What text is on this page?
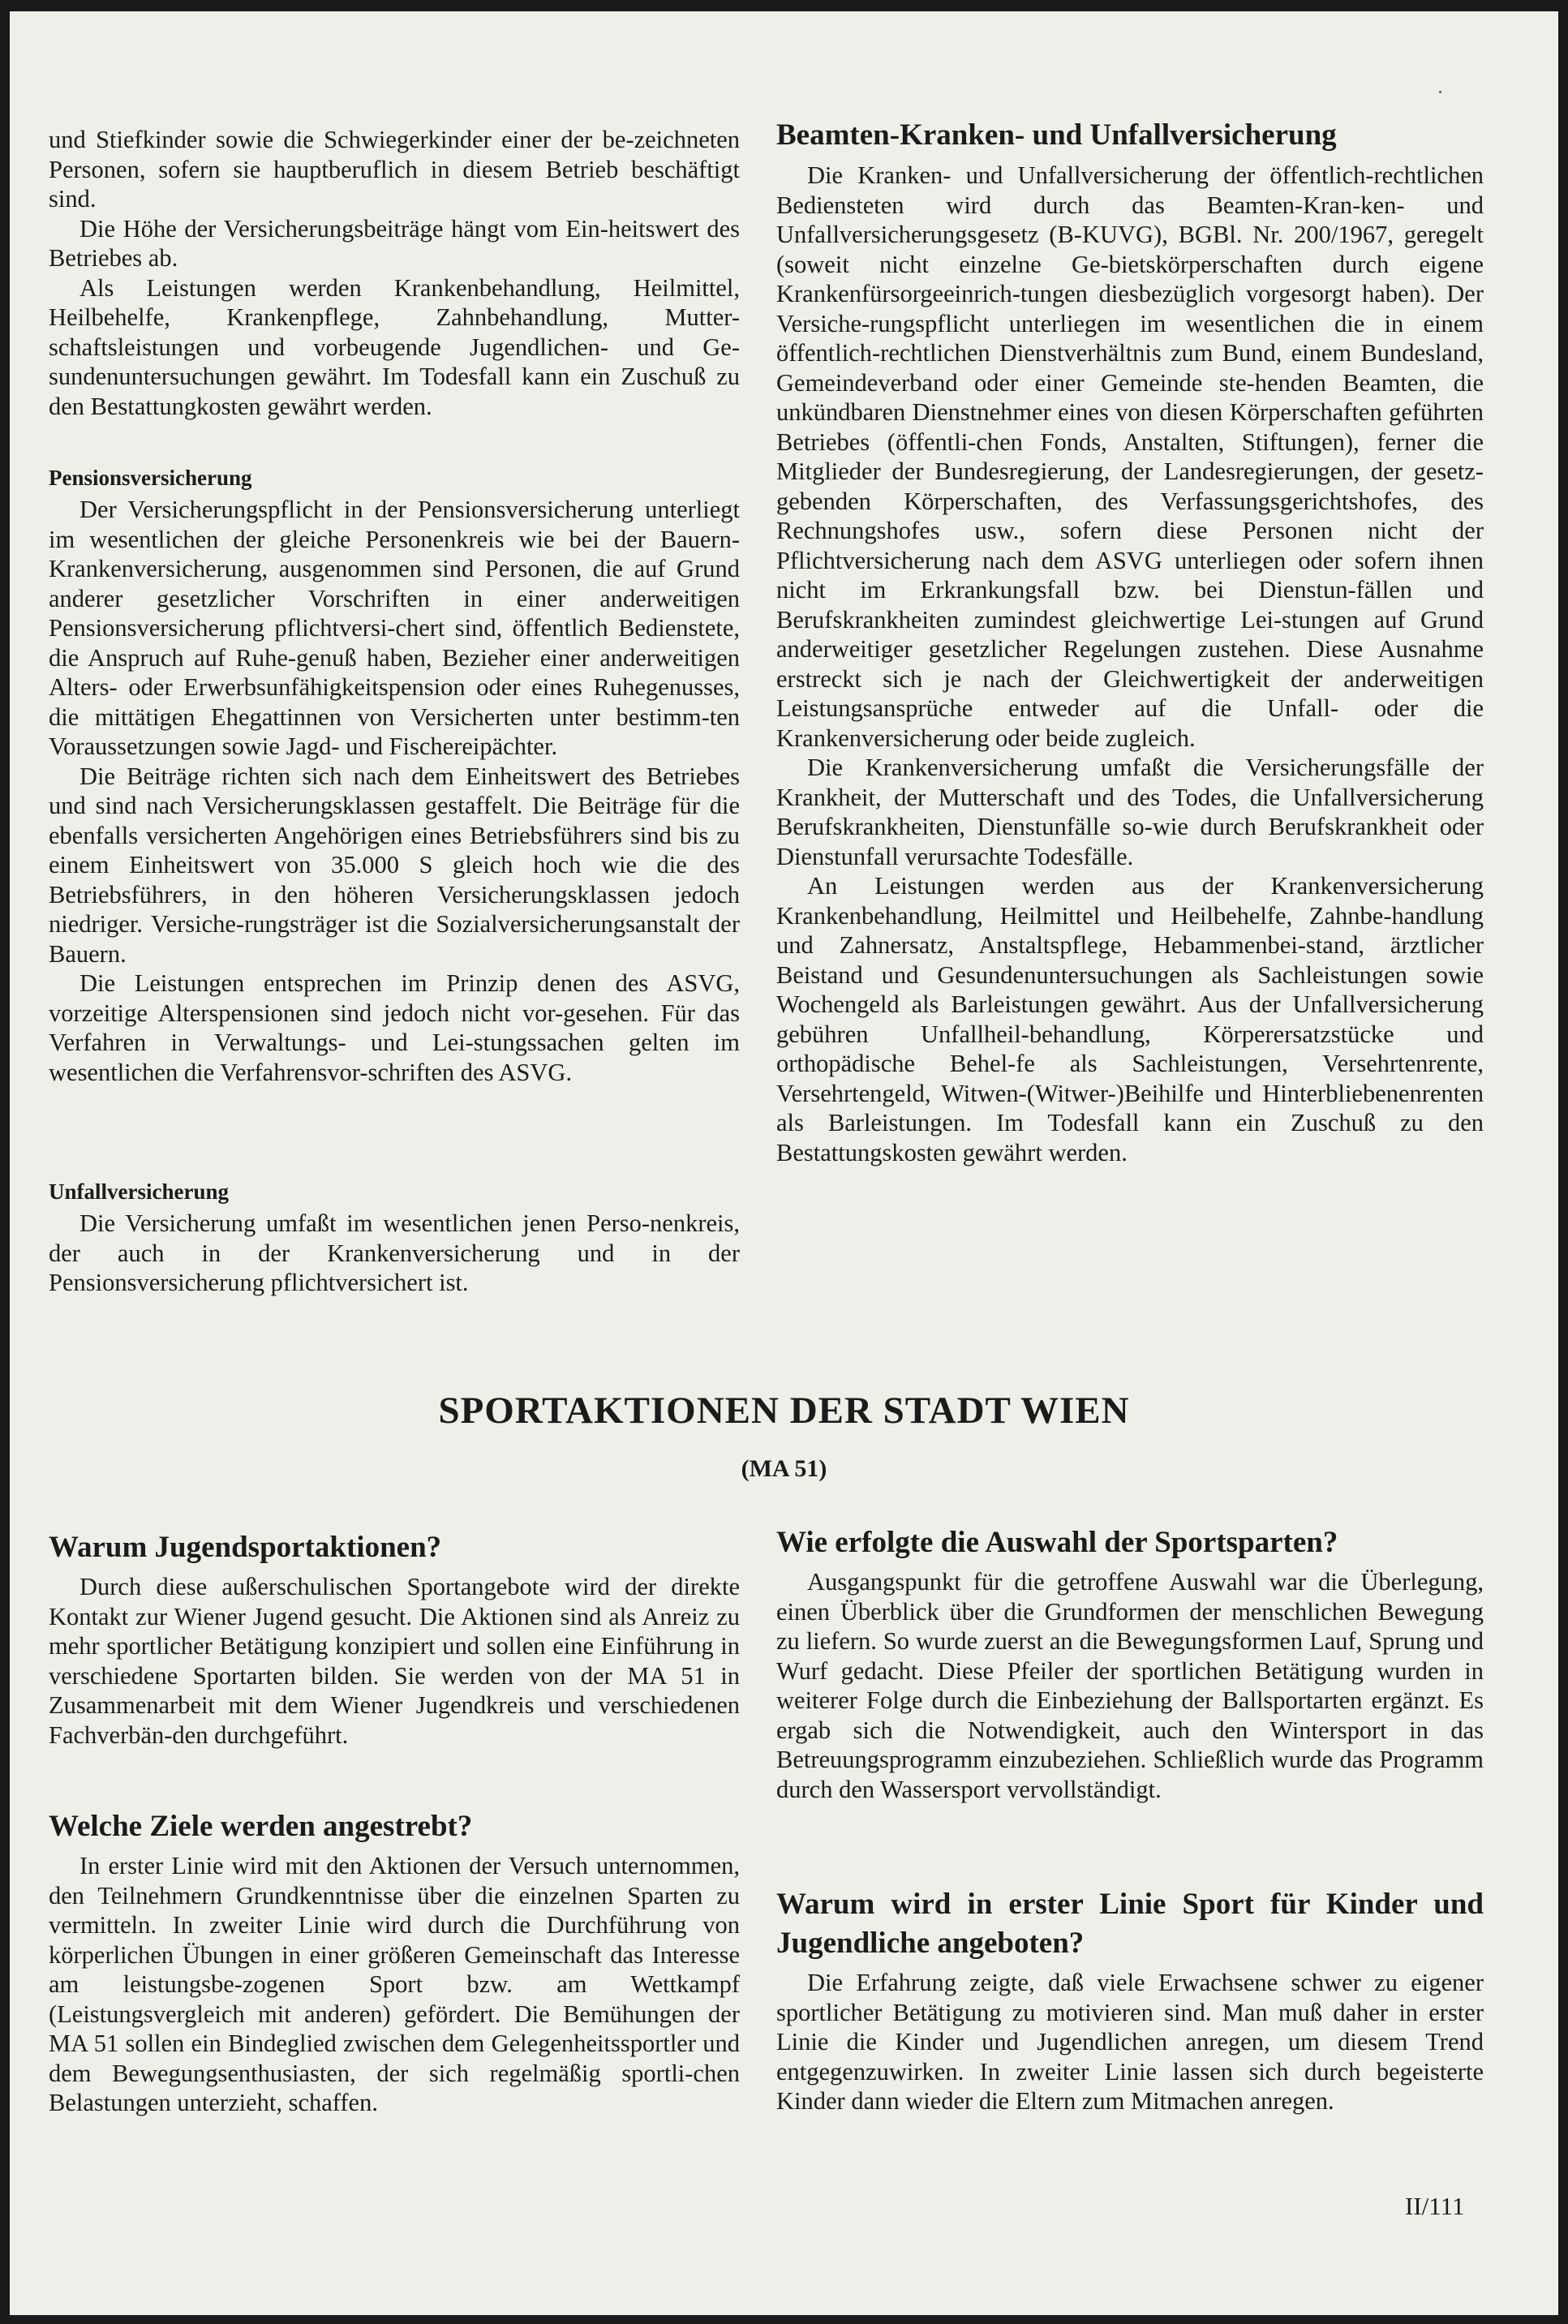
und Stiefkinder sowie die Schwiegerkinder einer der be-zeichneten Personen, sofern sie hauptberuflich in diesem Betrieb beschäftigt sind.

Die Höhe der Versicherungsbeiträge hängt vom Ein-heitswert des Betriebes ab.

Als Leistungen werden Krankenbehandlung, Heilmittel, Heilbehelfe, Krankenpflege, Zahnbehandlung, Mutter-schaftsleistungen und vorbeugende Jugendlichen- und Ge-sundenuntersuchungen gewährt. Im Todesfall kann ein Zuschuß zu den Bestattungkosten gewährt werden.

Pensionsversicherung

Der Versicherungspflicht in der Pensionsversicherung unterliegt im wesentlichen der gleiche Personenkreis wie bei der Bauern-Krankenversicherung, ausgenommen sind Personen, die auf Grund anderer gesetzlicher Vorschriften in einer anderweitigen Pensionsversicherung pflichtversi-chert sind, öffentlich Bedienstete, die Anspruch auf Ruhe-genuß haben, Bezieher einer anderweitigen Alters- oder Erwerbsunfähigkeitspension oder eines Ruhegenusses, die mittätigen Ehegattinnen von Versicherten unter bestimm-ten Voraussetzungen sowie Jagd- und Fischereipächter.

Die Beiträge richten sich nach dem Einheitswert des Betriebes und sind nach Versicherungsklassen gestaffelt. Die Beiträge für die ebenfalls versicherten Angehörigen eines Betriebsführers sind bis zu einem Einheitswert von 35.000 S gleich hoch wie die des Betriebsführers, in den höheren Versicherungsklassen jedoch niedriger. Versiche-rungsträger ist die Sozialversicherungsanstalt der Bauern.

Die Leistungen entsprechen im Prinzip denen des ASVG, vorzeitige Alterspensionen sind jedoch nicht vor-gesehen. Für das Verfahren in Verwaltungs- und Lei-stungssachen gelten im wesentlichen die Verfahrensvor-schriften des ASVG.

Unfallversicherung

Die Versicherung umfaßt im wesentlichen jenen Perso-nenkreis, der auch in der Krankenversicherung und in der Pensionsversicherung pflichtversichert ist.

Beamten-Kranken- und Unfallversicherung

Die Kranken- und Unfallversicherung der öffentlich-rechtlichen Bediensteten wird durch das Beamten-Kran-ken- und Unfallversicherungsgesetz (B-KUVG), BGBl. Nr. 200/1967, geregelt (soweit nicht einzelne Ge-bietskörperschaften durch eigene Krankenfürsorgeeinrich-tungen diesbezüglich vorgesorgt haben). Der Versiche-rungspflicht unterliegen im wesentlichen die in einem öffentlich-rechtlichen Dienstverhältnis zum Bund, einem Bundesland, Gemeindeverband oder einer Gemeinde ste-henden Beamten, die unkündbaren Dienstnehmer eines von diesen Körperschaften geführten Betriebes (öffentli-chen Fonds, Anstalten, Stiftungen), ferner die Mitglieder der Bundesregierung, der Landesregierungen, der gesetz-gebenden Körperschaften, des Verfassungsgerichtshofes, des Rechnungshofes usw., sofern diese Personen nicht der Pflichtversicherung nach dem ASVG unterliegen oder sofern ihnen nicht im Erkrankungsfall bzw. bei Dienstun-fällen und Berufskrankheiten zumindest gleichwertige Lei-stungen auf Grund anderweitiger gesetzlicher Regelungen zustehen. Diese Ausnahme erstreckt sich je nach der Gleichwertigkeit der anderweitigen Leistungsansprüche entweder auf die Unfall- oder die Krankenversicherung oder beide zugleich.

Die Krankenversicherung umfaßt die Versicherungsfälle der Krankheit, der Mutterschaft und des Todes, die Unfallversicherung Berufskrankheiten, Dienstunfälle so-wie durch Berufskrankheit oder Dienstunfall verursachte Todesfälle.

An Leistungen werden aus der Krankenversicherung Krankenbehandlung, Heilmittel und Heilbehelfe, Zahnbe-handlung und Zahnersatz, Anstaltspflege, Hebammenbei-stand, ärztlicher Beistand und Gesundenuntersuchungen als Sachleistungen sowie Wochengeld als Barleistungen gewährt. Aus der Unfallversicherung gebühren Unfallheil-behandlung, Körperersatzstücke und orthopädische Behel-fe als Sachleistungen, Versehrtenrente, Versehrtengeld, Witwen-(Witwer-)Beihilfe und Hinterbliebenenrenten als Barleistungen. Im Todesfall kann ein Zuschuß zu den Bestattungskosten gewährt werden.

SPORTAKTIONEN DER STADT WIEN
(MA 51)
Warum Jugendsportaktionen?

Durch diese außerschulischen Sportangebote wird der direkte Kontakt zur Wiener Jugend gesucht. Die Aktionen sind als Anreiz zu mehr sportlicher Betätigung konzipiert und sollen eine Einführung in verschiedene Sportarten bilden. Sie werden von der MA 51 in Zusammenarbeit mit dem Wiener Jugendkreis und verschiedenen Fachverbän-den durchgeführt.

Welche Ziele werden angestrebt?

In erster Linie wird mit den Aktionen der Versuch unternommen, den Teilnehmern Grundkenntnisse über die einzelnen Sparten zu vermitteln. In zweiter Linie wird durch die Durchführung von körperlichen Übungen in einer größeren Gemeinschaft das Interesse am leistungsbe-zogenen Sport bzw. am Wettkampf (Leistungsvergleich mit anderen) gefördert. Die Bemühungen der MA 51 sollen ein Bindeglied zwischen dem Gelegenheitssportler und dem Bewegungsenthusiasten, der sich regelmäßig sportli-chen Belastungen unterzieht, schaffen.

Wie erfolgte die Auswahl der Sportsparten?

Ausgangspunkt für die getroffene Auswahl war die Überlegung, einen Überblick über die Grundformen der menschlichen Bewegung zu liefern. So wurde zuerst an die Bewegungsformen Lauf, Sprung und Wurf gedacht. Diese Pfeiler der sportlichen Betätigung wurden in weiterer Folge durch die Einbeziehung der Ballsportarten ergänzt. Es ergab sich die Notwendigkeit, auch den Wintersport in das Betreuungsprogramm einzubeziehen. Schließlich wurde das Programm durch den Wassersport vervollständigt.

Warum wird in erster Linie Sport für Kinder und Jugendliche angeboten?

Die Erfahrung zeigte, daß viele Erwachsene schwer zu eigener sportlicher Betätigung zu motivieren sind. Man muß daher in erster Linie die Kinder und Jugendlichen anregen, um diesem Trend entgegenzuwirken. In zweiter Linie lassen sich durch begeisterte Kinder dann wieder die Eltern zum Mitmachen anregen.

II/111
